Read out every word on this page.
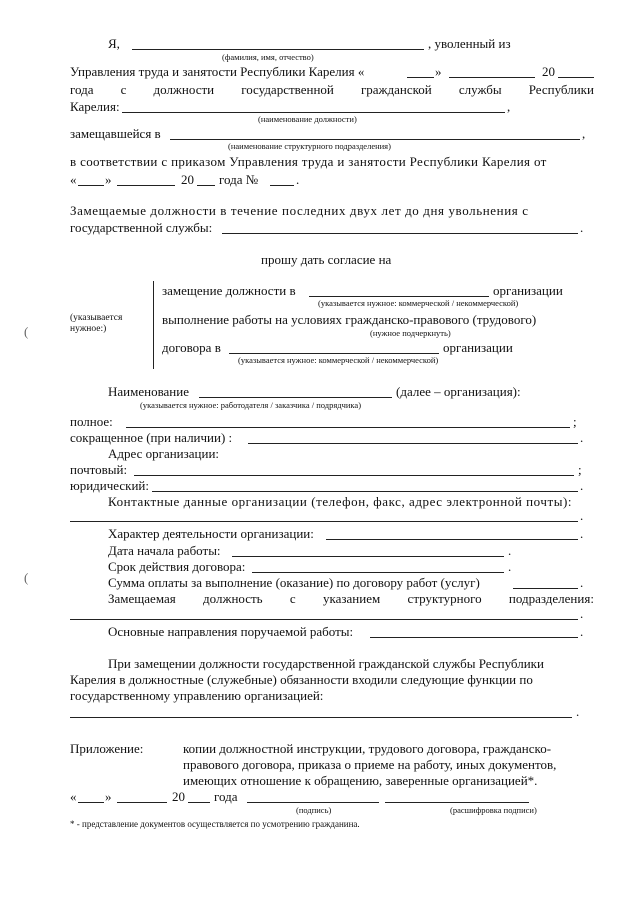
(
(
Я,	, уволенный из
(фамилия, имя, отчество)
Управления труда и занятости Республики Карелия «	»	20
года с должности государственной гражданской службы Республики
Карелия:	,
(наименование должности)
замещавшейся в	,
(наименование структурного подразделения)
в соответствии с приказом Управления труда и занятости Республики Карелия от
« »	20 года №	.
Замещаемые должности в течение последних двух лет до дня увольнения с
государственной службы:	.
прошу дать согласие на
(указывается
нужное:)
замещение должности в	организации
(указывается нужное: коммерческой / некоммерческой)
выполнение работы на условиях гражданско-правового (трудового)
(нужное подчеркнуть)
договора в	организации
(указывается нужное: коммерческой / некоммерческой)
Наименование	(далее – организация):
(указывается нужное: работодателя / заказчика / подрядчика)
полное:	;
сокращенное (при наличии) :	.
Адрес организации:
почтовый:	;
юридический:	.
Контактные данные организации (телефон, факс, адрес электронной почты):
.
Характер деятельности организации:	.
Дата начала работы:	.
Срок действия договора:	.
Сумма оплаты за выполнение (оказание) по договору работ (услуг)	.
Замещаемая должность с указанием структурного подразделения:
.
Основные направления поручаемой работы:	.
При замещении должности государственной гражданской службы Республики
Карелия в должностные (служебные) обязанности входили следующие функции по
государственному управлению организацией:
.
Приложение:	копии должностной инструкции, трудового договора, гражданско-
правового договора, приказа о приеме на работу, иных документов,
имеющих отношение к обращению, заверенные организацией*.
« »	20 года
(подпись)	(расшифровка подписи)
* - представление документов осуществляется по усмотрению гражданина.
